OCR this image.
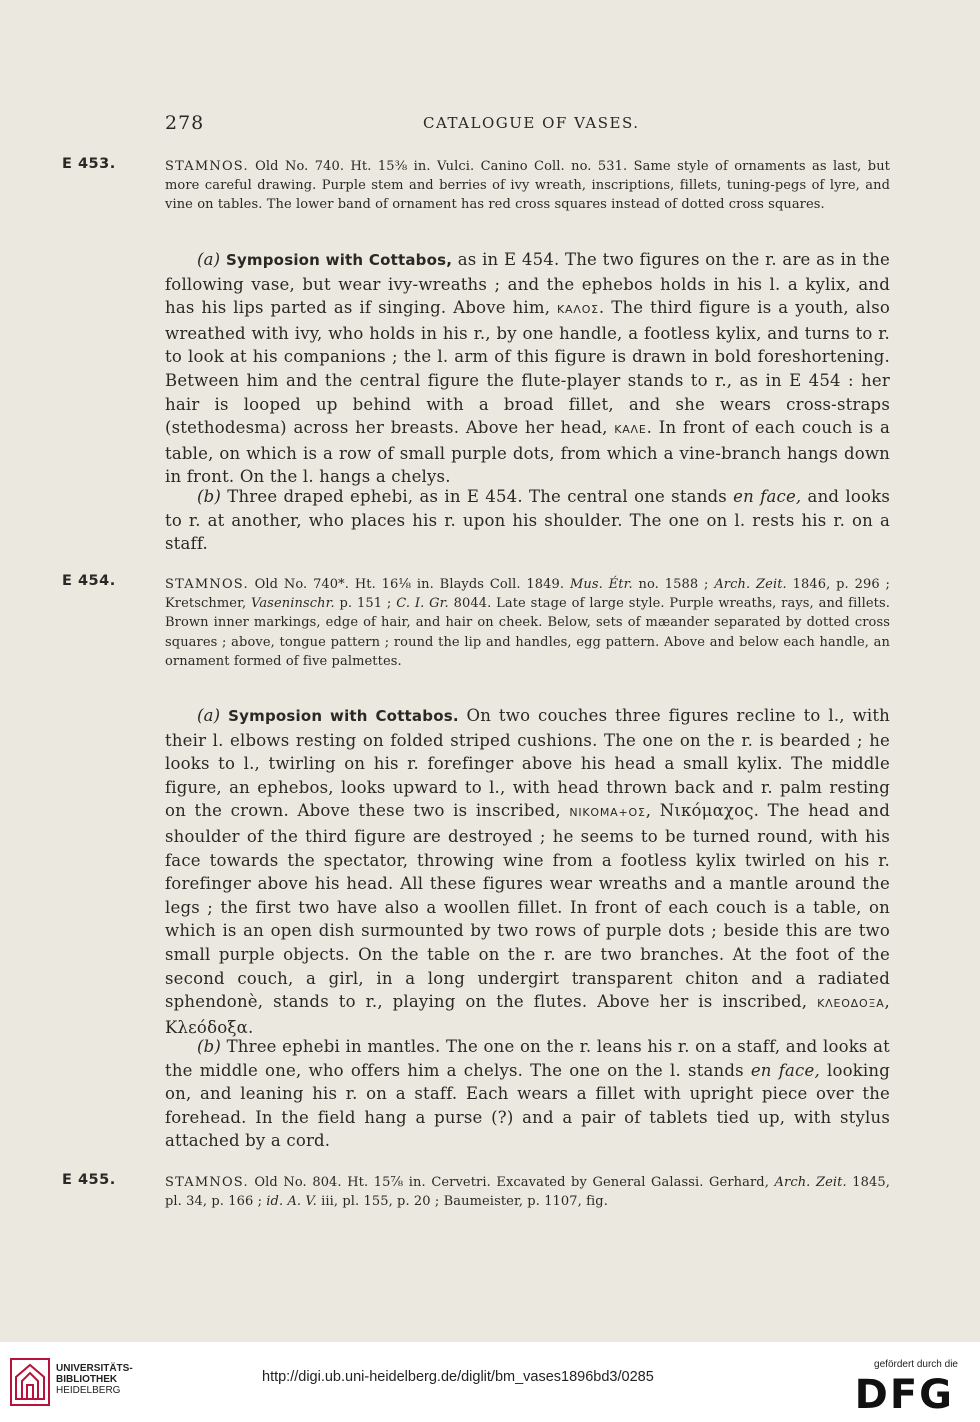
278	CATALOGUE OF VASES.
E 453.	STAMNOS. Old No. 740. Ht. 15⅜ in. Vulci. Canino Coll. no. 531. Same style of ornaments as last, but more careful drawing. Purple stem and berries of ivy wreath, inscriptions, fillets, tuning-pegs of lyre, and vine on tables. The lower band of ornament has red cross squares instead of dotted cross squares.

(a) Symposion with Cottabos, as in E 454. The two figures on the r. are as in the following vase, but wear ivy-wreaths ; and the ephebos holds in his l. a kylix, and has his lips parted as if singing. Above him, ΚΑΛΟΣ. The third figure is a youth, also wreathed with ivy, who holds in his r., by one handle, a footless kylix, and turns to r. to look at his companions ; the l. arm of this figure is drawn in bold foreshortening. Between him and the central figure the flute-player stands to r., as in E 454 : her hair is looped up behind with a broad fillet, and she wears cross-straps (stethodesma) across her breasts. Above her head, ΚΑΛΕ. In front of each couch is a table, on which is a row of small purple dots, from which a vine-branch hangs down in front. On the l. hangs a chelys.

(b) Three draped ephebi, as in E 454. The central one stands en face, and looks to r. at another, who places his r. upon his shoulder. The one on l. rests his r. on a staff.

E 454.	STAMNOS. Old No. 740*. Ht. 16⅛ in. Blayds Coll. 1849. Mus. Étr. no. 1588 ; Arch. Zeit. 1846, p. 296 ; Kretschmer, Vaseninschr. p. 151 ; C. I. Gr. 8044. Late stage of large style. Purple wreaths, rays, and fillets. Brown inner markings, edge of hair, and hair on cheek. Below, sets of mæander separated by dotted cross squares ; above, tongue pattern ; round the lip and handles, egg pattern. Above and below each handle, an ornament formed of five palmettes.

(a) Symposion with Cottabos. On two couches three figures recline to l., with their l. elbows resting on folded striped cushions. The one on the r. is bearded ; he looks to l., twirling on his r. forefinger above his head a small kylix. The middle figure, an ephebos, looks upward to l., with head thrown back and r. palm resting on the crown. Above these two is inscribed, ΝΙΚΟΜΑ+ΟΣ, Νικόμαχος. The head and shoulder of the third figure are destroyed ; he seems to be turned round, with his face towards the spectator, throwing wine from a footless kylix twirled on his r. forefinger above his head. All these figures wear wreaths and a mantle around the legs ; the first two have also a woollen fillet. In front of each couch is a table, on which is an open dish surmounted by two rows of purple dots ; beside this are two small purple objects. On the table on the r. are two branches. At the foot of the second couch, a girl, in a long undergirt transparent chiton and a radiated sphendonè, stands to r., playing on the flutes. Above her is inscribed, ΚΛΕΟΔΟΞΑ, Κλεόδοξα.

(b) Three ephebi in mantles. The one on the r. leans his r. on a staff, and looks at the middle one, who offers him a chelys. The one on the l. stands en face, looking on, and leaning his r. on a staff. Each wears a fillet with upright piece over the forehead. In the field hang a purse (?) and a pair of tablets tied up, with stylus attached by a cord.

E 455.	STAMNOS. Old No. 804. Ht. 15⅞ in. Cervetri. Excavated by General Galassi. Gerhard, Arch. Zeit. 1845, pl. 34, p. 166 ; id. A. V. iii, pl. 155, p. 20 ; Baumeister, p. 1107, fig.

UNIVERSITÄTS-
BIBLIOTHEK
HEIDELBERG
http://digi.ub.uni-heidelberg.de/diglit/bm_vases1896bd3/0285
gefördert durch die
DFG
